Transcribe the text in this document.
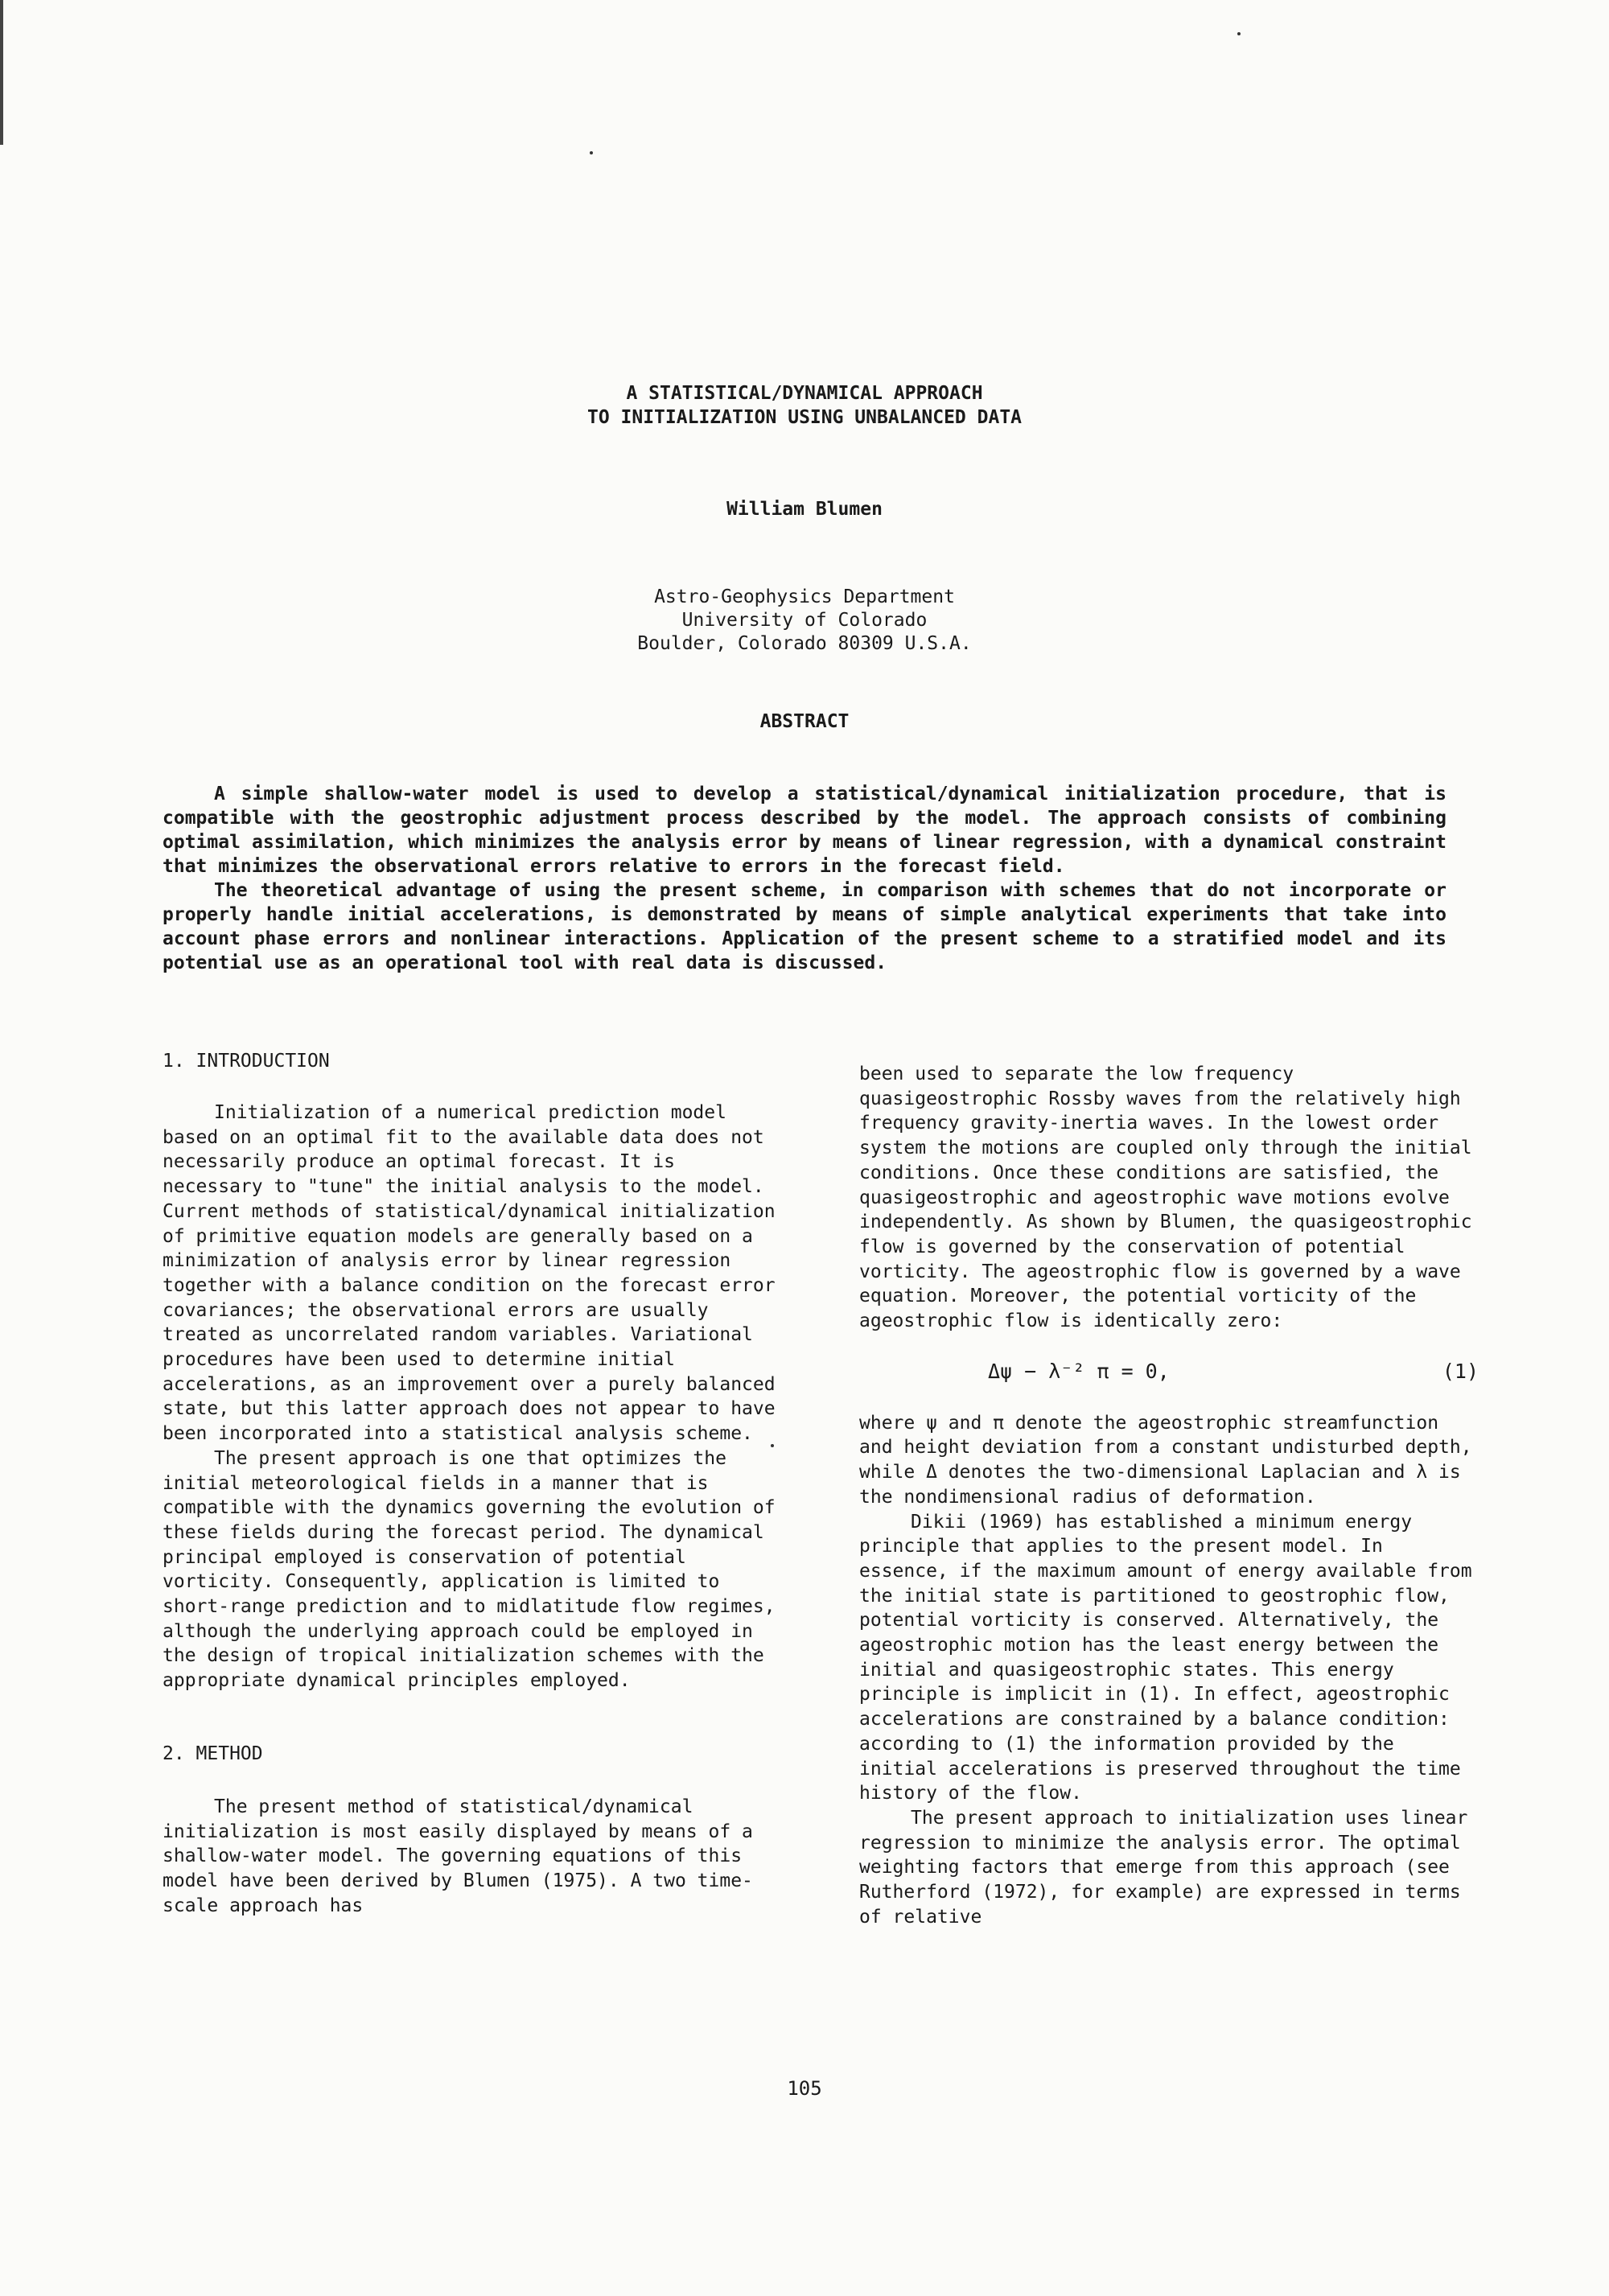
A STATISTICAL/DYNAMICAL APPROACH
TO INITIALIZATION USING UNBALANCED DATA
William Blumen
Astro-Geophysics Department
University of Colorado
Boulder, Colorado 80309 U.S.A.
ABSTRACT

A simple shallow-water model is used to develop a statistical/dynamical initialization procedure, that is compatible with the geostrophic adjustment process described by the model. The approach consists of combining optimal assimilation, which minimizes the analysis error by means of linear regression, with a dynamical constraint that minimizes the observational errors relative to errors in the forecast field.

The theoretical advantage of using the present scheme, in comparison with schemes that do not incorporate or properly handle initial accelerations, is demonstrated by means of simple analytical experiments that take into account phase errors and nonlinear interactions. Application of the present scheme to a stratified model and its potential use as an operational tool with real data is discussed.

1. INTRODUCTION

Initialization of a numerical prediction model based on an optimal fit to the available data does not necessarily produce an optimal forecast. It is necessary to "tune" the initial analysis to the model. Current methods of statistical/dynamical initialization of primitive equation models are generally based on a minimization of analysis error by linear regression together with a balance condition on the forecast error covariances; the observational errors are usually treated as uncorrelated random variables. Variational procedures have been used to determine initial accelerations, as an improvement over a purely balanced state, but this latter approach does not appear to have been incorporated into a statistical analysis scheme.

The present approach is one that optimizes the initial meteorological fields in a manner that is compatible with the dynamics governing the evolution of these fields during the forecast period. The dynamical principal employed is conservation of potential vorticity. Consequently, application is limited to short-range prediction and to midlatitude flow regimes, although the underlying approach could be employed in the design of tropical initialization schemes with the appropriate dynamical principles employed.

2. METHOD

The present method of statistical/dynamical initialization is most easily displayed by means of a shallow-water model. The governing equations of this model have been derived by Blumen (1975). A two time-scale approach has

been used to separate the low frequency quasigeostrophic Rossby waves from the relatively high frequency gravity-inertia waves. In the lowest order system the motions are coupled only through the initial conditions. Once these conditions are satisfied, the quasigeostrophic and ageostrophic wave motions evolve independently. As shown by Blumen, the quasigeostrophic flow is governed by the conservation of potential vorticity. The ageostrophic flow is governed by a wave equation. Moreover, the potential vorticity of the ageostrophic flow is identically zero:

Δψ − λ⁻² π = 0,	(1)

where ψ and π denote the ageostrophic streamfunction and height deviation from a constant undisturbed depth, while Δ denotes the two-dimensional Laplacian and λ is the nondimensional radius of deformation.

Dikii (1969) has established a minimum energy principle that applies to the present model. In essence, if the maximum amount of energy available from the initial state is partitioned to geostrophic flow, potential vorticity is conserved. Alternatively, the ageostrophic motion has the least energy between the initial and quasigeostrophic states. This energy principle is implicit in (1). In effect, ageostrophic accelerations are constrained by a balance condition: according to (1) the information provided by the initial accelerations is preserved throughout the time history of the flow.

The present approach to initialization uses linear regression to minimize the analysis error. The optimal weighting factors that emerge from this approach (see Rutherford (1972), for example) are expressed in terms of relative

105
